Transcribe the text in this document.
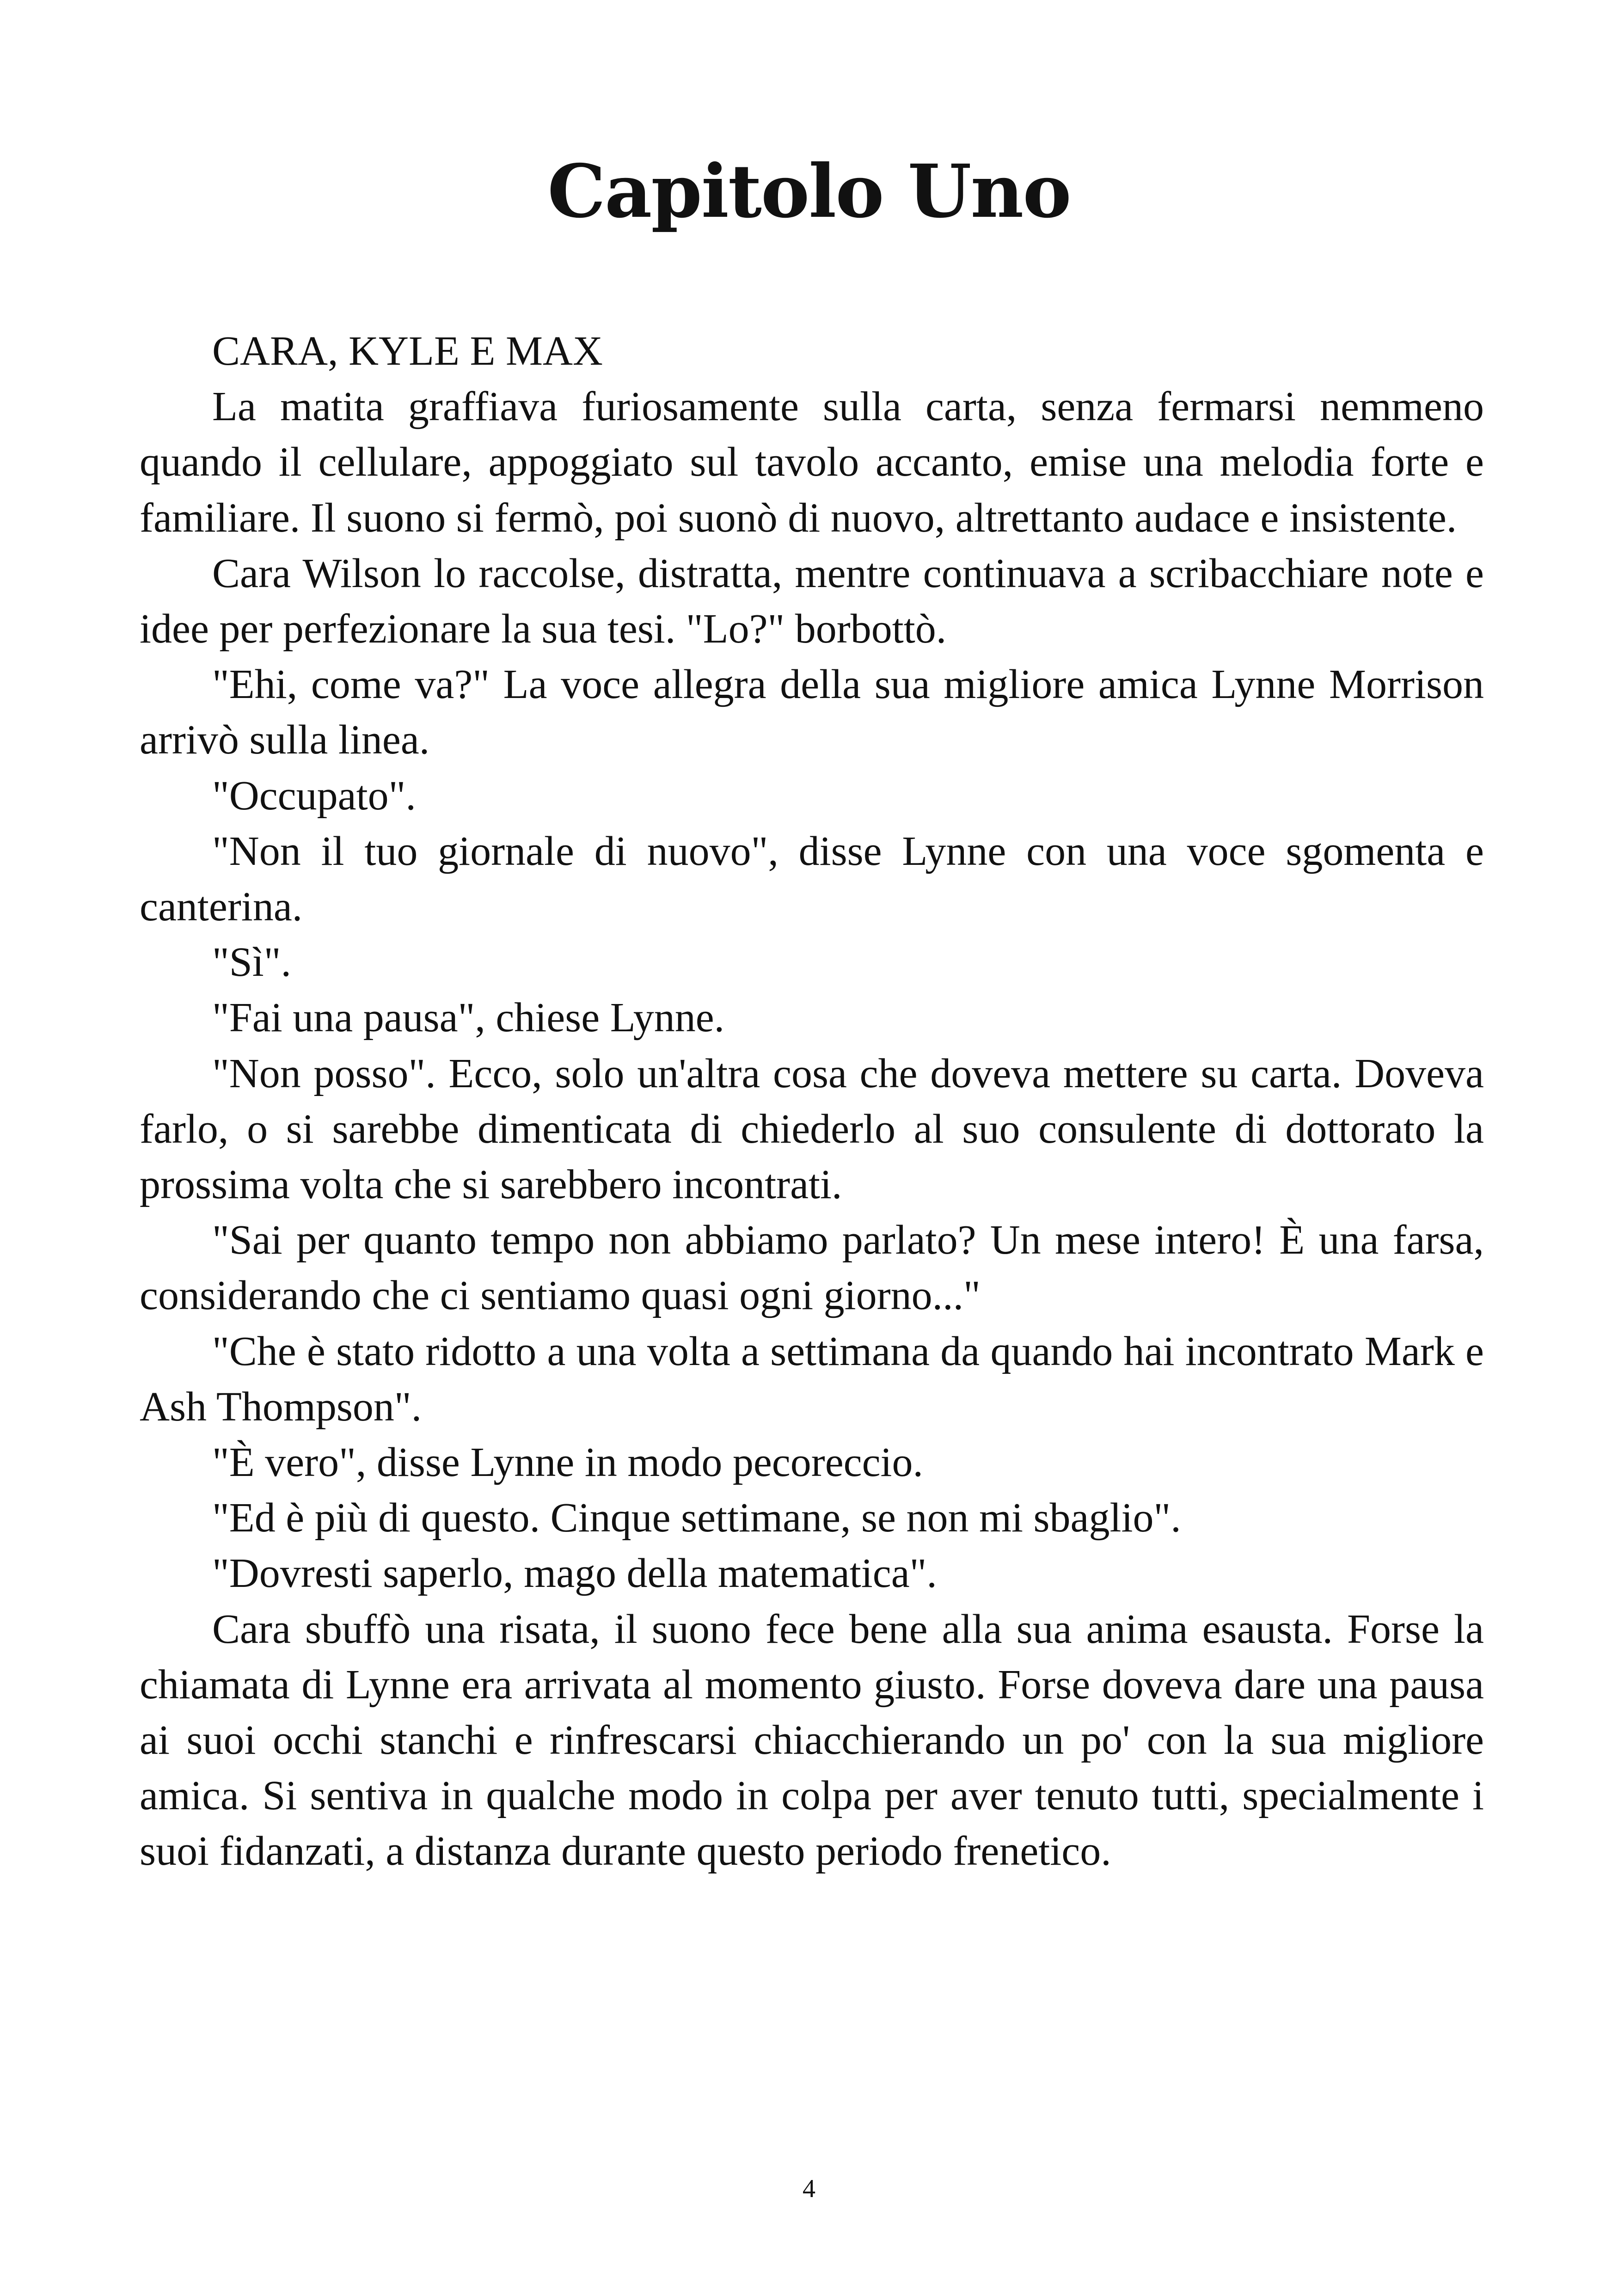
Capitolo Uno

CARA, KYLE E MAX

La matita graffiava furiosamente sulla carta, senza fermarsi nemmeno quando il cellulare, appoggiato sul tavolo accanto, emise una melodia forte e familiare. Il suono si fermò, poi suonò di nuovo, altrettanto audace e insistente.

Cara Wilson lo raccolse, distratta, mentre continuava a scribacchiare note e idee per perfezionare la sua tesi. "Lo?" borbottò.

"Ehi, come va?" La voce allegra della sua migliore amica Lynne Morrison arrivò sulla linea.

"Occupato".

"Non il tuo giornale di nuovo", disse Lynne con una voce sgomenta e canterina.

"Sì".

"Fai una pausa", chiese Lynne.

"Non posso". Ecco, solo un'altra cosa che doveva mettere su carta. Doveva farlo, o si sarebbe dimenticata di chiederlo al suo consulente di dottorato la prossima volta che si sarebbero incontrati.

"Sai per quanto tempo non abbiamo parlato? Un mese intero! È una farsa, considerando che ci sentiamo quasi ogni giorno..."

"Che è stato ridotto a una volta a settimana da quando hai incontrato Mark e Ash Thompson".

"È vero", disse Lynne in modo pecoreccio.

"Ed è più di questo. Cinque settimane, se non mi sbaglio".

"Dovresti saperlo, mago della matematica".

Cara sbuffò una risata, il suono fece bene alla sua anima esausta. Forse la chiamata di Lynne era arrivata al momento giusto. Forse doveva dare una pausa ai suoi occhi stanchi e rinfrescarsi chiacchierando un po' con la sua migliore amica. Si sentiva in qualche modo in colpa per aver tenuto tutti, specialmente i suoi fidanzati, a distanza durante questo periodo frenetico.

4
